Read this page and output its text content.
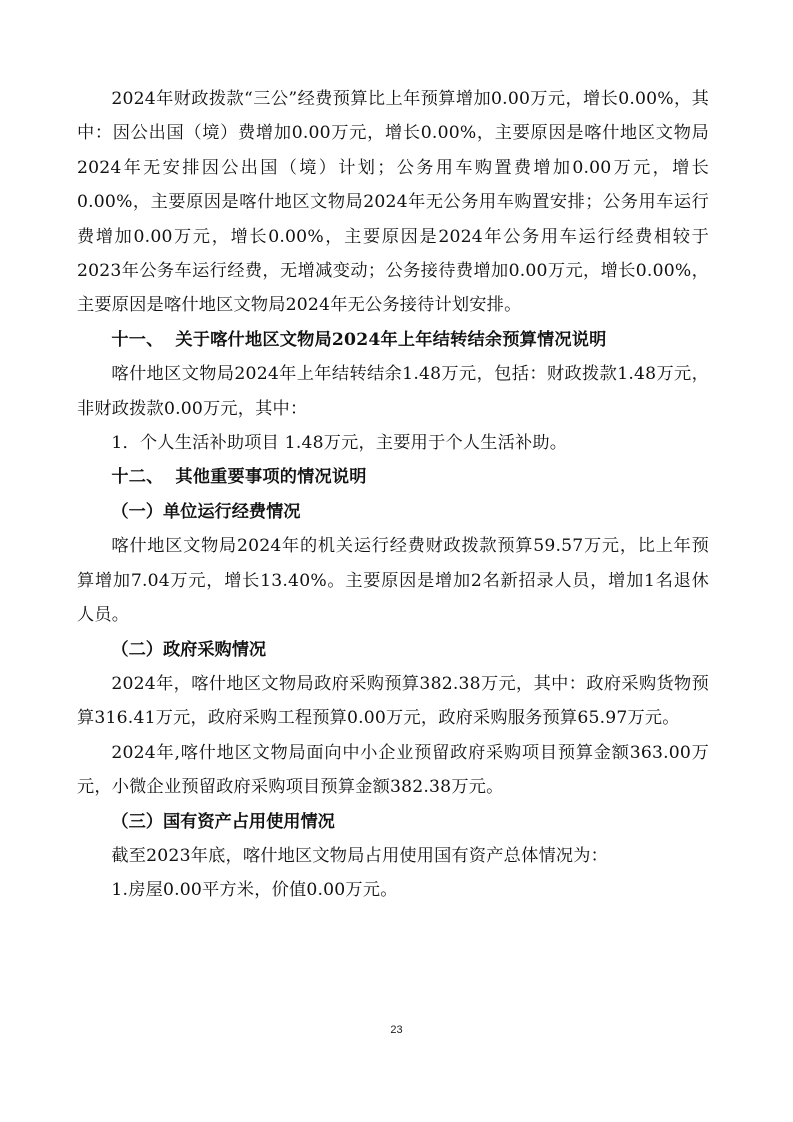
2024年财政拨款“三公”经费预算比上年预算增加0.00万元，增长0.00%，其中：因公出国（境）费增加0.00万元，增长0.00%，主要原因是喀什地区文物局2024年无安排因公出国（境）计划；公务用车购置费增加0.00万元，增长0.00%，主要原因是喀什地区文物局2024年无公务用车购置安排；公务用车运行费增加0.00万元，增长0.00%，主要原因是2024年公务用车运行经费相较于2023年公务车运行经费，无增减变动；公务接待费增加0.00万元，增长0.00%，主要原因是喀什地区文物局2024年无公务接待计划安排。

十一、 关于喀什地区文物局2024年上年结转结余预算情况说明

喀什地区文物局2024年上年结转结余1.48万元，包括：财政拨款1.48万元，非财政拨款0.00万元，其中：

1．个人生活补助项目 1.48万元，主要用于个人生活补助。

十二、 其他重要事项的情况说明

（一）单位运行经费情况

喀什地区文物局2024年的机关运行经费财政拨款预算59.57万元，比上年预算增加7.04万元，增长13.40%。主要原因是增加2名新招录人员，增加1名退休人员。

（二）政府采购情况

2024年，喀什地区文物局政府采购预算382.38万元，其中：政府采购货物预算316.41万元，政府采购工程预算0.00万元，政府采购服务预算65.97万元。

2024年,喀什地区文物局面向中小企业预留政府采购项目预算金额363.00万元，小微企业预留政府采购项目预算金额382.38万元。

（三）国有资产占用使用情况

截至2023年底，喀什地区文物局占用使用国有资产总体情况为：

1.房屋0.00平方米，价值0.00万元。

23
